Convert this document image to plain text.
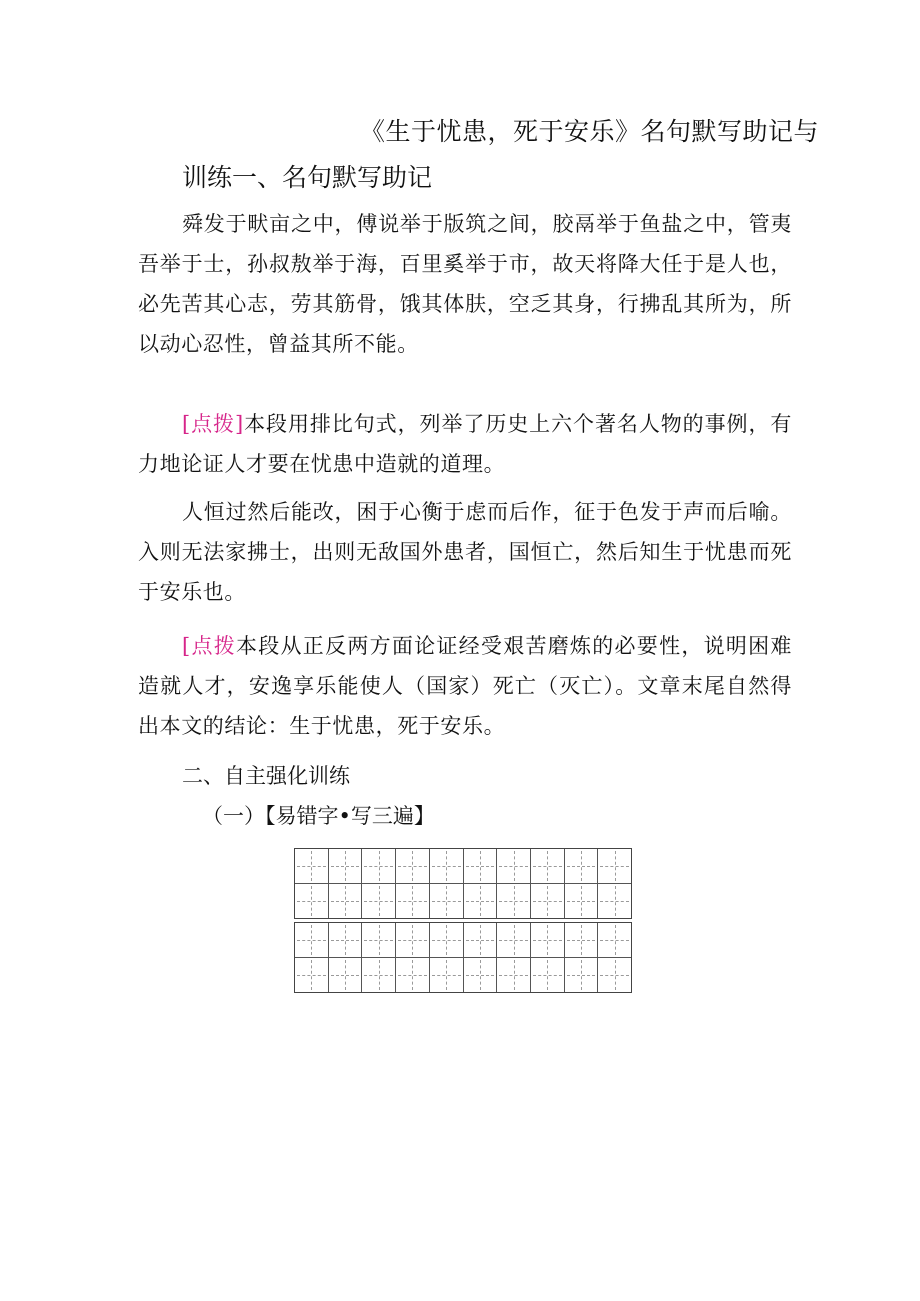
《生于忧患，死于安乐》名句默写助记与
训练一、名句默写助记
舜发于畎亩之中，傅说举于版筑之间，胶鬲举于鱼盐之中，管夷吾举于士，孙叔敖举于海，百里奚举于市，故天将降大任于是人也，必先苦其心志，劳其筋骨，饿其体肤，空乏其身，行拂乱其所为，所以动心忍性，曾益其所不能。
[点拨]本段用排比句式，列举了历史上六个著名人物的事例，有力地论证人才要在忧患中造就的道理。
人恒过然后能改，困于心衡于虑而后作，征于色发于声而后喻。入则无法家拂士，出则无敌国外患者，国恒亡，然后知生于忧患而死于安乐也。
[点拨本段从正反两方面论证经受艰苦磨炼的必要性，说明困难造就人才，安逸享乐能使人（国家）死亡（灭亡）。文章末尾自然得出本文的结论：生于忧患，死于安乐。
二、自主强化训练
（一）【易错字•写三遍】
